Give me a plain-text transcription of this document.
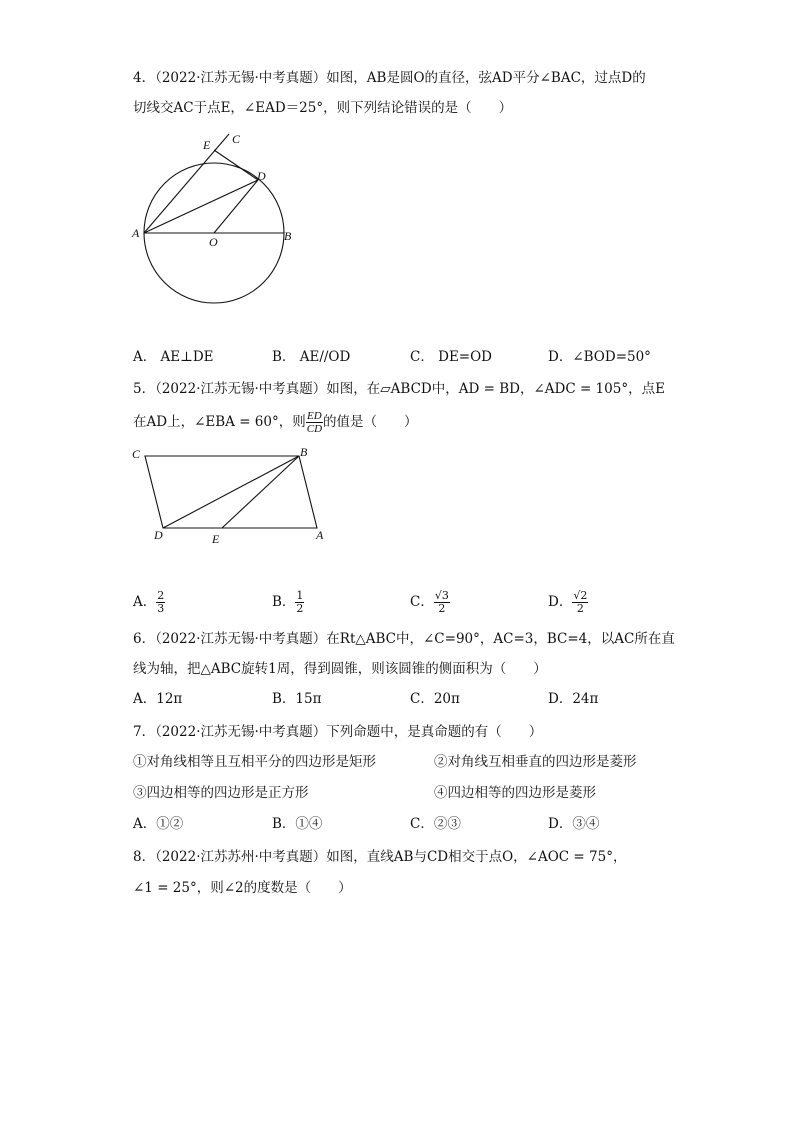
4．（2022·江苏无锡·中考真题）如图，AB是圆O的直径，弦AD平分∠BAC，过点D的
切线交AC于点E，∠EAD＝25°，则下列结论错误的是（　　）
A	B
C
D
E
O
A． AE⊥DE	B． AE//OD	C． DE=OD	D．∠BOD=50°
5．（2022·江苏无锡·中考真题）如图，在▱ABCD中，AD = BD，∠ADC = 105°，点E
在AD上，∠EBA = 60°，则 $\frac{ED}{CD}$ 的值是（　　）
C	B
D	E	A
A． $\frac{2}{3}$	B． $\frac{1}{2}$	C． $\frac{√3}{2}$	D． $\frac{√2}{2}$
6．（2022·江苏无锡·中考真题）在Rt△ABC中，∠C=90°，AC=3，BC=4，以AC所在直
线为轴，把△ABC旋转1周，得到圆锥，则该圆锥的侧面积为（　　）
A．12π	B．15π	C．20π	D．24π
7．（2022·江苏无锡·中考真题）下列命题中，是真命题的有（　　）
①对角线相等且互相平分的四边形是矩形	②对角线互相垂直的四边形是菱形
③四边相等的四边形是正方形	④四边相等的四边形是菱形
A．①②	B．①④	C．②③	D．③④
8．（2022·江苏苏州·中考真题）如图，直线AB与CD相交于点O，∠AOC = 75°，
∠1 = 25°，则∠2的度数是（　　）
